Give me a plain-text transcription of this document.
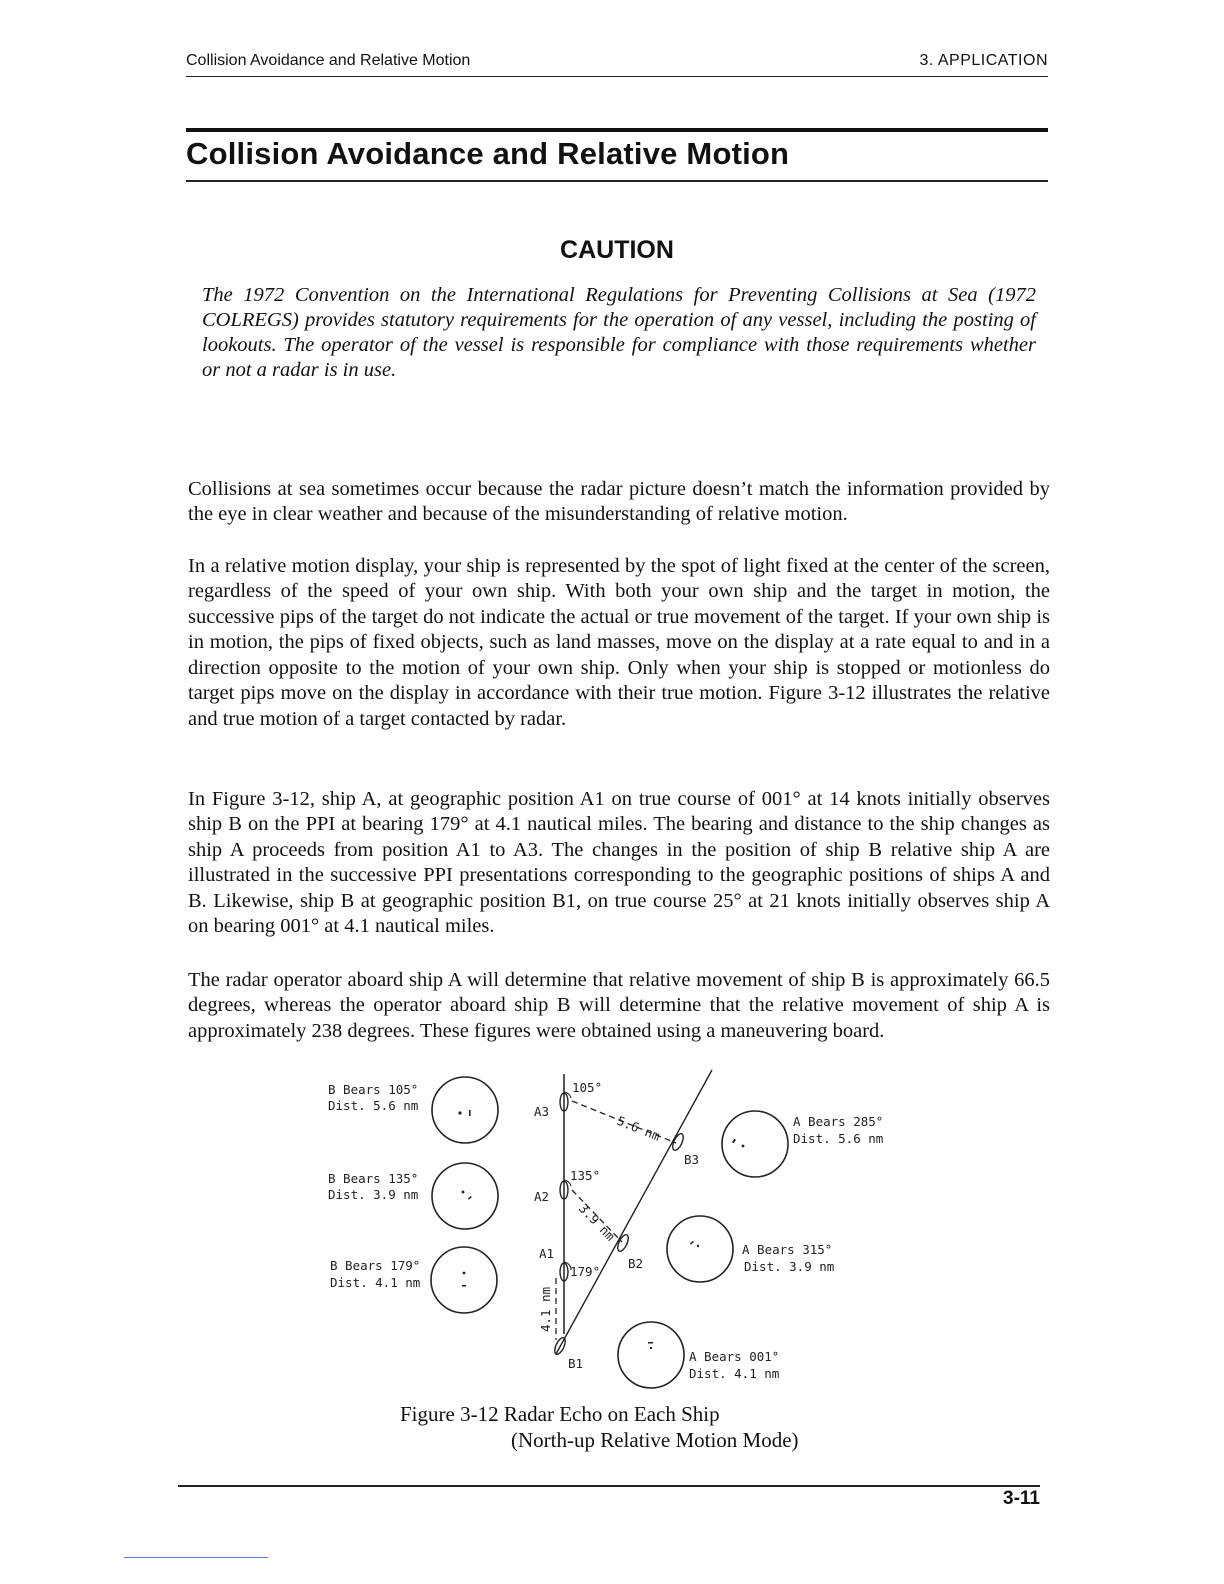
Collision Avoidance and Relative Motion	3. APPLICATION
Collision Avoidance and Relative Motion
CAUTION
The 1972 Convention on the International Regulations for Preventing Collisions at Sea (1972 COLREGS) provides statutory requirements for the operation of any vessel, including the posting of lookouts. The operator of the vessel is responsible for compliance with those requirements whether or not a radar is in use.

Collisions at sea sometimes occur because the radar picture doesn’t match the information provided by the eye in clear weather and because of the misunderstanding of relative motion.

In a relative motion display, your ship is represented by the spot of light fixed at the center of the screen, regardless of the speed of your own ship. With both your own ship and the target in motion, the successive pips of the target do not indicate the actual or true movement of the target. If your own ship is in motion, the pips of fixed objects, such as land masses, move on the display at a rate equal to and in a direction opposite to the motion of your own ship. Only when your ship is stopped or motionless do target pips move on the display in accordance with their true motion. Figure 3-12 illustrates the relative and true motion of a target contacted by radar.

In Figure 3-12, ship A, at geographic position A1 on true course of 001° at 14 knots initially observes ship B on the PPI at bearing 179° at 4.1 nautical miles. The bearing and distance to the ship changes as ship A proceeds from position A1 to A3. The changes in the position of ship B relative ship A are illustrated in the successive PPI presentations corresponding to the geographic positions of ships A and B. Likewise, ship B at geographic position B1, on true course 25° at 21 knots initially observes ship A on bearing 001° at 4.1 nautical miles.

The radar operator aboard ship A will determine that relative movement of ship B is approximately 66.5 degrees, whereas the operator aboard ship B will determine that the relative movement of ship A is approximately 238 degrees. These figures were obtained using a maneuvering board.

B Bears 105°
Dist. 5.6 nm
B Bears 135°
Dist. 3.9 nm
B Bears 179°
Dist. 4.1 nm
A Bears 285°
Dist. 5.6 nm
A Bears 315°
Dist. 3.9 nm
A Bears 001°
Dist. 4.1 nm
A3
A2
A1
B3
B2
B1
105°
135°
179°
5.6 nm
3.9 nm
4.1 nm
Figure 3-12 Radar Echo on Each Ship
(North-up Relative Motion Mode)
3-11
